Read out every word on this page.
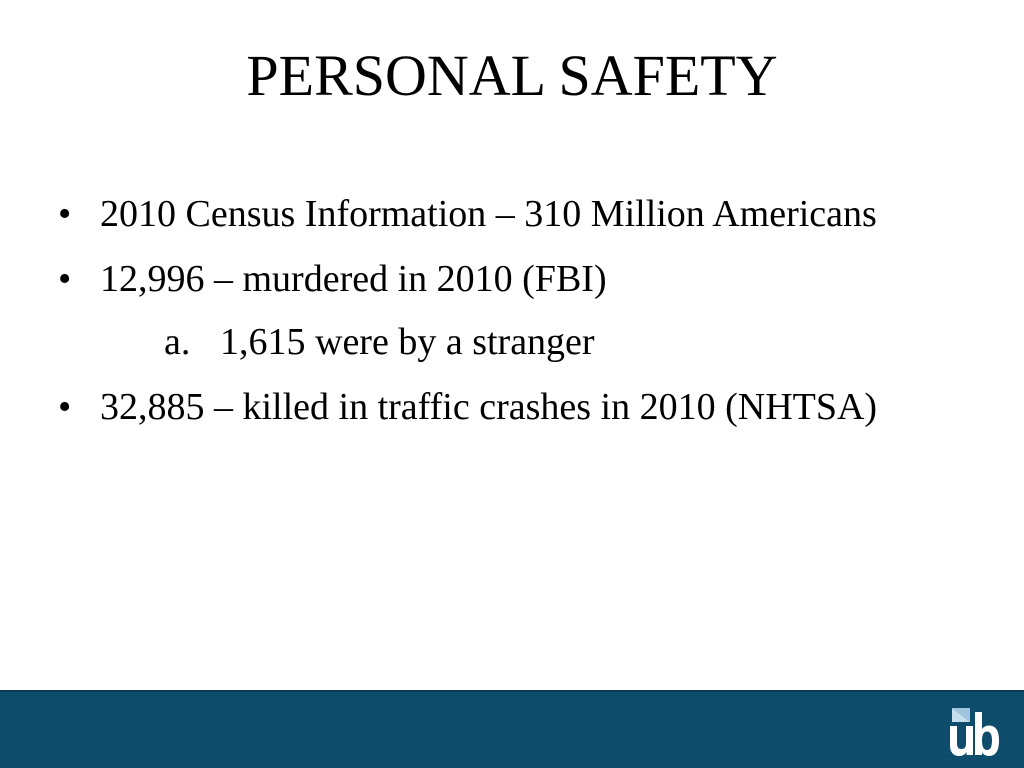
PERSONAL SAFETY
• 2010 Census Information – 310 Million Americans
• 12,996 – murdered in 2010 (FBI)
a. 1,615 were by a stranger
• 32,885 – killed in traffic crashes in 2010 (NHTSA)
